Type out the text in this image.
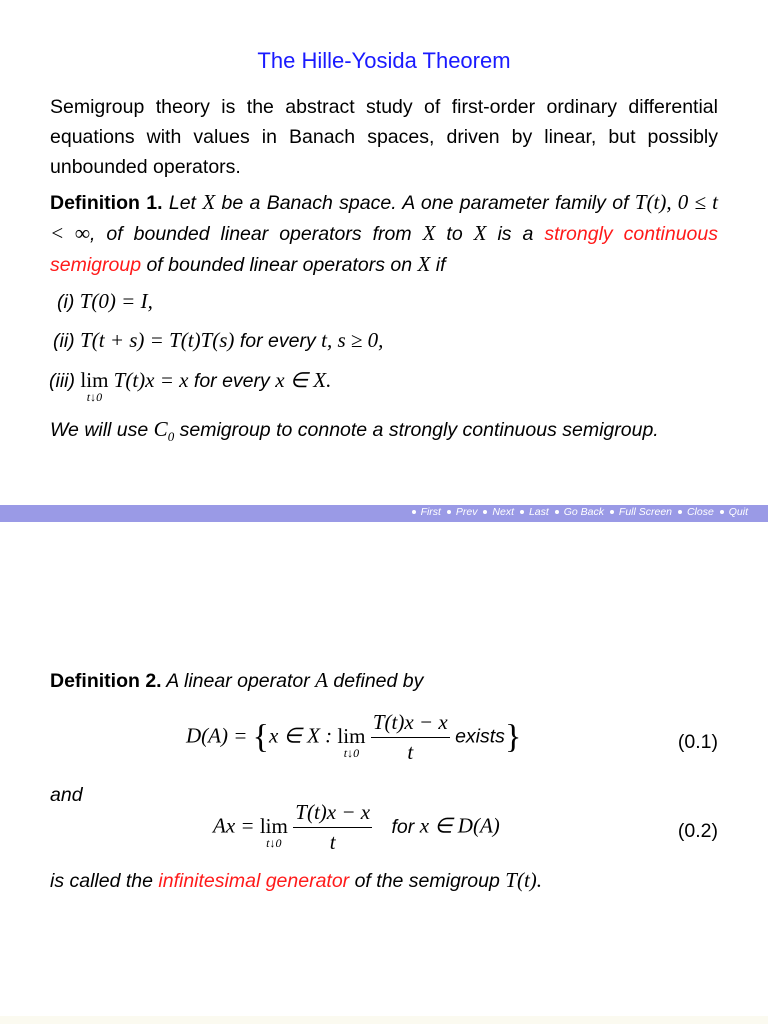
The Hille-Yosida Theorem
Semigroup theory is the abstract study of first-order ordinary differential equations with values in Banach spaces, driven by linear, but possibly unbounded operators.
Definition 1. Let X be a Banach space. A one parameter family of T(t), 0 ≤ t < ∞, of bounded linear operators from X to X is a strongly continuous semigroup of bounded linear operators on X if
(i) T(0) = I,
(ii) T(t + s) = T(t)T(s) for every t, s ≥ 0,
(iii) lim
t↓0
T(t)x = x for every x ∈ X.
We will use $C_0$ semigroup to connote a strongly continuous semigroup.
First Prev Next Last Go Back Full Screen Close Quit
Definition 2. A linear operator A defined by
D(A) = {x ∈ X : lim
t↓0
$\frac{T(t)x - x}{t}$ exists}	(0.1)
and
Ax = lim
t↓0
$\frac{T(t)x - x}{t}$ for x ∈ D(A)	(0.2)
is called the infinitesimal generator of the semigroup T(t).
